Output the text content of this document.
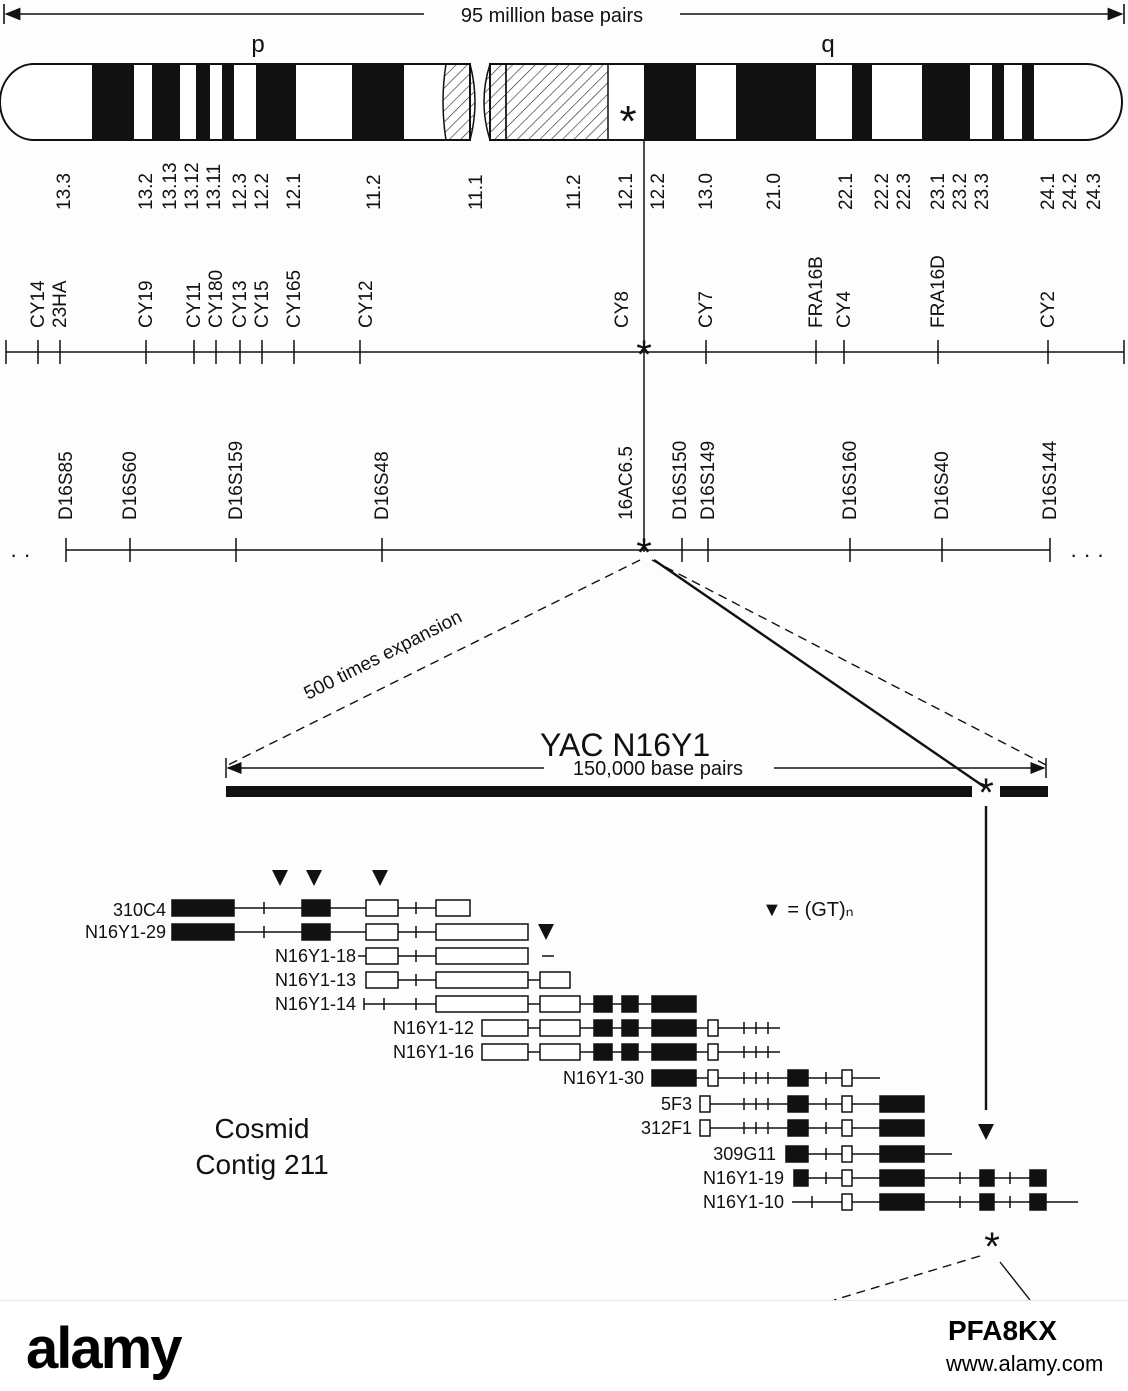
95 million base pairs
p	q
*
13.3	13.2 13.13 13.12 13.11 12.3 12.2 12.1	11.2	11.1	11.2 12.1 12.2 13.0 21.0	22.1 22.2 22.3 23.1 23.2 23.3 24.1 24.2 24.3
CY14 23HA	CY19 CY11 CY180 CY13 CY15 CY165	CY12	CY8	CY7	FRA16B CY4	FRA16D	CY2
*
D16S85 D16S60	D16S159	D16S48	16AC6.5 D16S150 D16S149	D16S160	D16S40	D16S144
· ·	· · ·
*
500 times expansion
YAC N16Y1
150,000 base pairs
*
▼ = (GT)ₙ
310C4
N16Y1-29
N16Y1-18
N16Y1-13
N16Y1-14
N16Y1-12
N16Y1-16
N16Y1-30
5F3
312F1
309G11
N16Y1-19
N16Y1-10
Cosmid
Contig 211
*
alamy	PFA8KX
www.alamy.com
